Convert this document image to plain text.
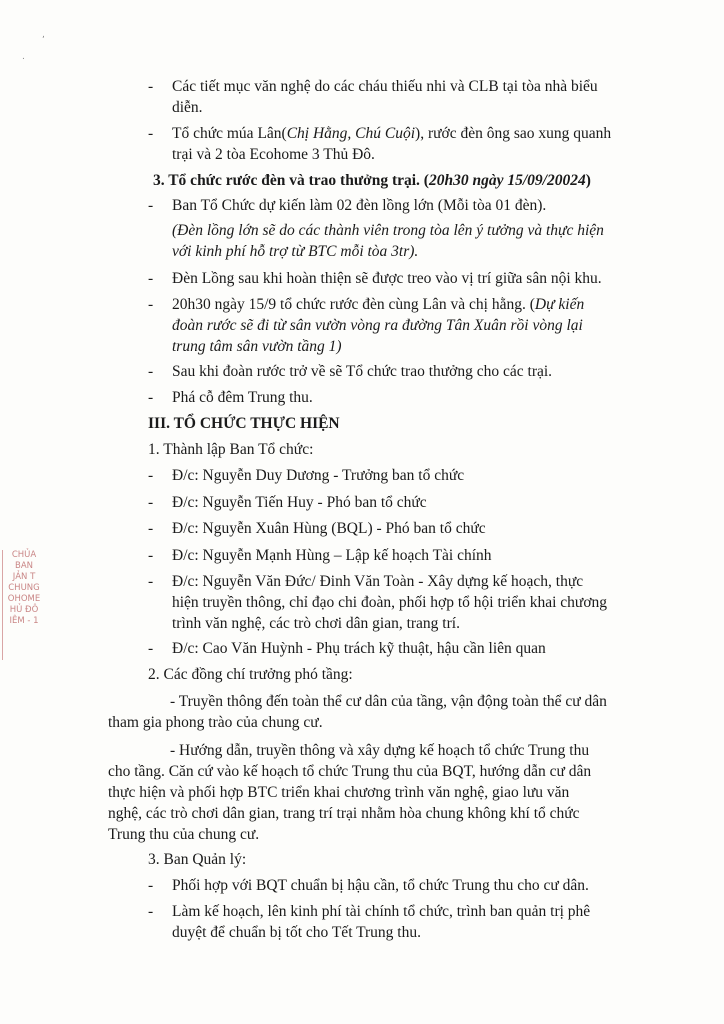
,
.
CHỦA
BAN
JẢN T
CHUNG
OHOME
HỦ ĐÔ
IÊM - 1
- Các tiết mục văn nghệ do các cháu thiếu nhi và CLB tại tòa nhà biểu
diễn.
- Tổ chức múa Lân(Chị Hằng, Chú Cuội), rước đèn ông sao xung quanh
trại và 2 tòa Ecohome 3 Thủ Đô.
3. Tổ chức rước đèn và trao thưởng trại. (20h30 ngày 15/09/20024)
- Ban Tổ Chức dự kiến làm 02 đèn lồng lớn (Mỗi tòa 01 đèn).
(Đèn lồng lớn sẽ do các thành viên trong tòa lên ý tưởng và thực hiện
với kinh phí hỗ trợ từ BTC mỗi tòa 3tr).
- Đèn Lồng sau khi hoàn thiện sẽ được treo vào vị trí giữa sân nội khu.
- 20h30 ngày 15/9 tổ chức rước đèn cùng Lân và chị hằng. (Dự kiến
đoàn rước sẽ đi từ sân vườn vòng ra đường Tân Xuân rồi vòng lại
trung tâm sân vườn tầng 1)
- Sau khi đoàn rước trở về sẽ Tổ chức trao thưởng cho các trại.
- Phá cỗ đêm Trung thu.
III. TỔ CHỨC THỰC HIỆN
1. Thành lập Ban Tổ chức:
- Đ/c: Nguyễn Duy Dương - Trưởng ban tổ chức
- Đ/c: Nguyễn Tiến Huy - Phó ban tổ chức
- Đ/c: Nguyễn Xuân Hùng (BQL) - Phó ban tổ chức
- Đ/c: Nguyễn Mạnh Hùng – Lập kế hoạch Tài chính
- Đ/c: Nguyễn Văn Đức/ Đinh Văn Toàn - Xây dựng kế hoạch, thực
hiện truyền thông, chỉ đạo chi đoàn, phối hợp tổ hội triển khai chương
trình văn nghệ, các trò chơi dân gian, trang trí.
- Đ/c: Cao Văn Huỳnh - Phụ trách kỹ thuật, hậu cần liên quan
2. Các đồng chí trưởng phó tầng:
- Truyền thông đến toàn thể cư dân của tầng, vận động toàn thể cư dân
tham gia phong trào của chung cư.
- Hướng dẫn, truyền thông và xây dựng kế hoạch tổ chức Trung thu
cho tầng. Căn cứ vào kế hoạch tổ chức Trung thu của BQT, hướng dẫn cư dân
thực hiện và phối hợp BTC triển khai chương trình văn nghệ, giao lưu văn
nghệ, các trò chơi dân gian, trang trí trại nhằm hòa chung không khí tổ chức
Trung thu của chung cư.
3. Ban Quản lý:
- Phối hợp với BQT chuẩn bị hậu cần, tổ chức Trung thu cho cư dân.
- Làm kế hoạch, lên kinh phí tài chính tổ chức, trình ban quản trị phê
duyệt để chuẩn bị tốt cho Tết Trung thu.
